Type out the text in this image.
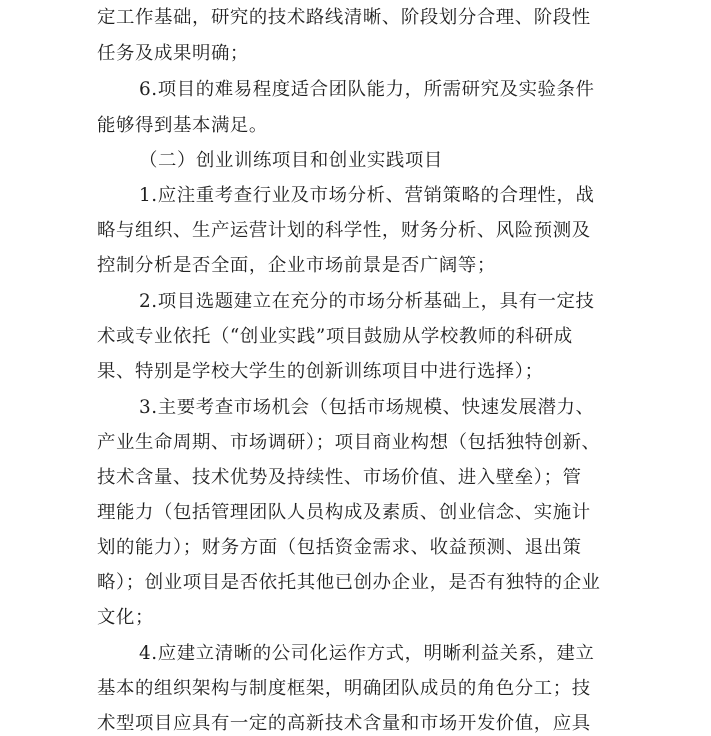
定工作基础，研究的技术路线清晰、阶段划分合理、阶段性
任务及成果明确；
6.项目的难易程度适合团队能力，所需研究及实验条件
能够得到基本满足。
（二）创业训练项目和创业实践项目
1.应注重考查行业及市场分析、营销策略的合理性，战
略与组织、生产运营计划的科学性，财务分析、风险预测及
控制分析是否全面，企业市场前景是否广阔等；
2.项目选题建立在充分的市场分析基础上，具有一定技
术或专业依托（“创业实践”项目鼓励从学校教师的科研成
果、特别是学校大学生的创新训练项目中进行选择）；
3.主要考查市场机会（包括市场规模、快速发展潜力、
产业生命周期、市场调研）；项目商业构想（包括独特创新、
技术含量、技术优势及持续性、市场价值、进入壁垒）；管
理能力（包括管理团队人员构成及素质、创业信念、实施计
划的能力）；财务方面（包括资金需求、收益预测、退出策
略）；创业项目是否依托其他已创办企业，是否有独特的企业
文化；
4.应建立清晰的公司化运作方式，明晰利益关系，建立
基本的组织架构与制度框架，明确团队成员的角色分工；技
术型项目应具有一定的高新技术含量和市场开发价值，应具
